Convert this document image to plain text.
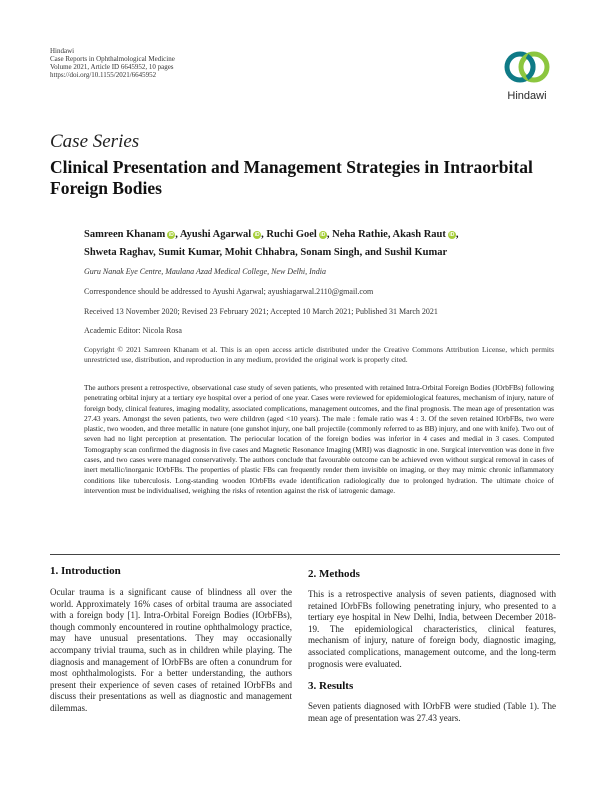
Hindawi
Case Reports in Ophthalmological Medicine
Volume 2021, Article ID 6645952, 10 pages
https://doi.org/10.1155/2021/6645952
Hindawi
Case Series
Clinical Presentation and Management Strategies in Intraorbital Foreign Bodies
Samreen Khanam iD , Ayushi Agarwal iD , Ruchi Goel iD , Neha Rathie, Akash Raut iD ,
Shweta Raghav, Sumit Kumar, Mohit Chhabra, Sonam Singh, and Sushil Kumar
Guru Nanak Eye Centre, Maulana Azad Medical College, New Delhi, India
Correspondence should be addressed to Ayushi Agarwal; ayushiagarwal.2110@gmail.com
Received 13 November 2020; Revised 23 February 2021; Accepted 10 March 2021; Published 31 March 2021
Academic Editor: Nicola Rosa
Copyright © 2021 Samreen Khanam et al. This is an open access article distributed under the Creative Commons Attribution License, which permits unrestricted use, distribution, and reproduction in any medium, provided the original work is properly cited.
The authors present a retrospective, observational case study of seven patients, who presented with retained Intra-Orbital Foreign Bodies (IOrbFBs) following penetrating orbital injury at a tertiary eye hospital over a period of one year. Cases were reviewed for epidemiological features, mechanism of injury, nature of foreign body, clinical features, imaging modality, associated complications, management outcomes, and the final prognosis. The mean age of presentation was 27.43 years. Amongst the seven patients, two were children (aged <10 years). The male : female ratio was 4 : 3. Of the seven retained IOrbFBs, two were plastic, two wooden, and three metallic in nature (one gunshot injury, one ball projectile (commonly referred to as BB) injury, and one with knife). Two out of seven had no light perception at presentation. The periocular location of the foreign bodies was inferior in 4 cases and medial in 3 cases. Computed Tomography scan confirmed the diagnosis in five cases and Magnetic Resonance Imaging (MRI) was diagnostic in one. Surgical intervention was done in five cases, and two cases were managed conservatively. The authors conclude that favourable outcome can be achieved even without surgical removal in cases of inert metallic/inorganic IOrbFBs. The properties of plastic FBs can frequently render them invisible on imaging, or they may mimic chronic inflammatory conditions like tuberculosis. Long-standing wooden IOrbFBs evade identification radiologically due to prolonged hydration. The ultimate choice of intervention must be individualised, weighing the risks of retention against the risk of iatrogenic damage.
1. Introduction
Ocular trauma is a significant cause of blindness all over the world. Approximately 16% cases of orbital trauma are associated with a foreign body [1]. Intra-Orbital Foreign Bodies (IOrbFBs), though commonly encountered in routine ophthalmology practice, may have unusual presentations. They may occasionally accompany trivial trauma, such as in children while playing. The diagnosis and management of IOrbFBs are often a conundrum for most ophthalmologists. For a better understanding, the authors present their experience of seven cases of retained IOrbFBs and discuss their presentations as well as diagnostic and management dilemmas.
2. Methods
This is a retrospective analysis of seven patients, diagnosed with retained IOrbFBs following penetrating injury, who presented to a tertiary eye hospital in New Delhi, India, between December 2018-19. The epidemiological characteristics, clinical features, mechanism of injury, nature of foreign body, diagnostic imaging, associated complications, management outcome, and the long-term prognosis were evaluated.
3. Results
Seven patients diagnosed with IOrbFB were studied (Table 1). The mean age of presentation was 27.43 years.
